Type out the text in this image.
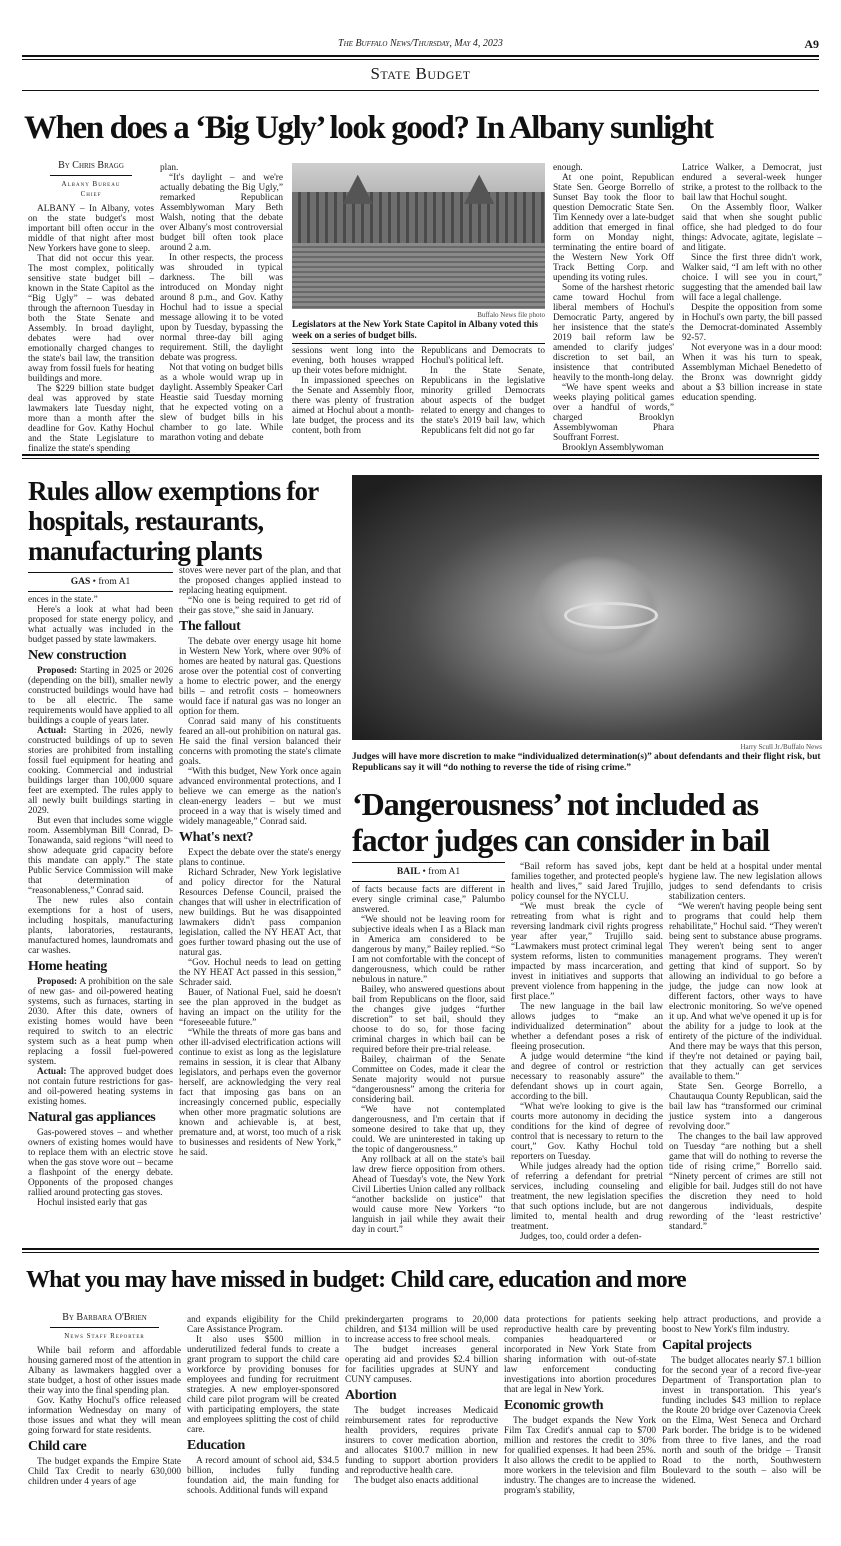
The Buffalo News/Thursday, May 4, 2023	A9
State Budget
When does a ‘Big Ugly’ look good? In Albany sunlight
By Chris Bragg
Albany Bureau Chief

ALBANY – In Albany, votes on the state budget's most important bill often occur in the middle of that night after most New Yorkers have gone to sleep.

That did not occur this year. The most complex, politically sensitive state budget bill – known in the State Capitol as the “Big Ugly” – was debated through the afternoon Tuesday in both the State Senate and Assembly. In broad daylight, debates were had over emotionally charged changes to the state's bail law, the transition away from fossil fuels for heating buildings and more.

The $229 billion state budget deal was approved by state lawmakers late Tuesday night, more than a month after the deadline for Gov. Kathy Hochul and the State Legislature to finalize the state's spending

plan.

“It's daylight – and we're actually debating the Big Ugly,” remarked Republican Assemblywoman Mary Beth Walsh, noting that the debate over Albany's most controversial budget bill often took place around 2 a.m.

In other respects, the process was shrouded in typical darkness. The bill was introduced on Monday night around 8 p.m., and Gov. Kathy Hochul had to issue a special message allowing it to be voted upon by Tuesday, bypassing the normal three-day bill aging requirement. Still, the daylight debate was progress.

Not that voting on budget bills as a whole would wrap up in daylight. Assembly Speaker Carl Heastie said Tuesday morning that he expected voting on a slew of budget bills in his chamber to go late. While marathon voting and debate

Buffalo News file photo
Legislators at the New York State Capitol in Albany voted this week on a series of budget bills.

sessions went long into the evening, both houses wrapped up their votes before midnight.

In impassioned speeches on the Senate and Assembly floor, there was plenty of frustration aimed at Hochul about a month-late budget, the process and its content, both from

Republicans and Democrats to Hochul's political left.

In the State Senate, Republicans in the legislative minority grilled Democrats about aspects of the budget related to energy and changes to the state's 2019 bail law, which Republicans felt did not go far

enough.

At one point, Republican State Sen. George Borrello of Sunset Bay took the floor to question Democratic State Sen. Tim Kennedy over a late-budget addition that emerged in final form on Monday night, terminating the entire board of the Western New York Off Track Betting Corp. and upending its voting rules.

Some of the harshest rhetoric came toward Hochul from liberal members of Hochul's Democratic Party, angered by her insistence that the state's 2019 bail reform law be amended to clarify judges' discretion to set bail, an insistence that contributed heavily to the month-long delay.

“We have spent weeks and weeks playing political games over a handful of words,” charged Brooklyn Assemblywoman Phara Souffrant Forrest.

Brooklyn Assemblywoman

Latrice Walker, a Democrat, just endured a several-week hunger strike, a protest to the rollback to the bail law that Hochul sought.

On the Assembly floor, Walker said that when she sought public office, she had pledged to do four things: Advocate, agitate, legislate – and litigate.

Since the first three didn't work, Walker said, “I am left with no other choice. I will see you in court,” suggesting that the amended bail law will face a legal challenge.

Despite the opposition from some in Hochul's own party, the bill passed the Democrat-dominated Assembly 92-57.

Not everyone was in a dour mood: When it was his turn to speak, Assemblyman Michael Benedetto of the Bronx was downright giddy about a $3 billion increase in state education spending.

Rules allow exemptions for hospitals, restaurants, manufacturing plants
GAS • from A1

ences in the state.”

Here's a look at what had been proposed for state energy policy, and what actually was included in the budget passed by state lawmakers.

New construction

Proposed: Starting in 2025 or 2026 (depending on the bill), smaller newly constructed buildings would have had to be all electric. The same requirements would have applied to all buildings a couple of years later.

Actual: Starting in 2026, newly constructed buildings of up to seven stories are prohibited from installing fossil fuel equipment for heating and cooking. Commercial and industrial buildings larger than 100,000 square feet are exempted. The rules apply to all newly built buildings starting in 2029.

But even that includes some wiggle room. Assemblyman Bill Conrad, D-Tonawanda, said regions “will need to show adequate grid capacity before this mandate can apply.” The state Public Service Commission will make that determination of “reasonableness,” Conrad said.

The new rules also contain exemptions for a host of users, including hospitals, manufacturing plants, laboratories, restaurants, manufactured homes, laundromats and car washes.

Home heating

Proposed: A prohibition on the sale of new gas- and oil-powered heating systems, such as furnaces, starting in 2030. After this date, owners of existing homes would have been required to switch to an electric system such as a heat pump when replacing a fossil fuel-powered system.

Actual: The approved budget does not contain future restrictions for gas- and oil-powered heating systems in existing homes.

Natural gas appliances

Gas-powered stoves – and whether owners of existing homes would have to replace them with an electric stove when the gas stove wore out – became a flashpoint of the energy debate. Opponents of the proposed changes rallied around protecting gas stoves.

Hochul insisted early that gas

stoves were never part of the plan, and that the proposed changes applied instead to replacing heating equipment.

“No one is being required to get rid of their gas stove,” she said in January.

The fallout

The debate over energy usage hit home in Western New York, where over 90% of homes are heated by natural gas. Questions arose over the potential cost of converting a home to electric power, and the energy bills – and retrofit costs – homeowners would face if natural gas was no longer an option for them.

Conrad said many of his constituents feared an all-out prohibition on natural gas. He said the final version balanced their concerns with promoting the state's climate goals.

“With this budget, New York once again advanced environmental protections, and I believe we can emerge as the nation's clean-energy leaders – but we must proceed in a way that is wisely timed and widely manageable,” Conrad said.

What's next?

Expect the debate over the state's energy plans to continue.

Richard Schrader, New York legislative and policy director for the Natural Resources Defense Council, praised the changes that will usher in electrification of new buildings. But he was disappointed lawmakers didn't pass companion legislation, called the NY HEAT Act, that goes further toward phasing out the use of natural gas.

“Gov. Hochul needs to lead on getting the NY HEAT Act passed in this session,” Schrader said.

Bauer, of National Fuel, said he doesn't see the plan approved in the budget as having an impact on the utility for the “foreseeable future.”

“While the threats of more gas bans and other ill-advised electrification actions will continue to exist as long as the legislature remains in session, it is clear that Albany legislators, and perhaps even the governor herself, are acknowledging the very real fact that imposing gas bans on an increasingly concerned public, especially when other more pragmatic solutions are known and achievable is, at best, premature and, at worst, too much of a risk to businesses and residents of New York,” he said.

Harry Scull Jr./Buffalo News
Judges will have more discretion to make “individualized determination(s)” about defendants and their flight risk, but Republicans say it will “do nothing to reverse the tide of rising crime.”
‘Dangerousness’ not included as factor judges can consider in bail
BAIL • from A1

of facts because facts are different in every single criminal case,” Palumbo answered.

“We should not be leaving room for subjective ideals when I as a Black man in America am considered to be dangerous by many,” Bailey replied. “So I am not comfortable with the concept of dangerousness, which could be rather nebulous in nature.”

Bailey, who answered questions about bail from Republicans on the floor, said the changes give judges “further discretion” to set bail, should they choose to do so, for those facing criminal charges in which bail can be required before their pre-trial release.

Bailey, chairman of the Senate Committee on Codes, made it clear the Senate majority would not pursue “dangerousness” among the criteria for considering bail.

“We have not contemplated dangerousness, and I'm certain that if someone desired to take that up, they could. We are uninterested in taking up the topic of dangerousness.”

Any rollback at all on the state's bail law drew fierce opposition from others. Ahead of Tuesday's vote, the New York Civil Liberties Union called any rollback “another backslide on justice” that would cause more New Yorkers “to languish in jail while they await their day in court.”

“Bail reform has saved jobs, kept families together, and protected people's health and lives,” said Jared Trujillo, policy counsel for the NYCLU.

“We must break the cycle of retreating from what is right and reversing landmark civil rights progress year after year,” Trujillo said. “Lawmakers must protect criminal legal system reforms, listen to communities impacted by mass incarceration, and invest in initiatives and supports that prevent violence from happening in the first place.”

The new language in the bail law allows judges to “make an individualized determination” about whether a defendant poses a risk of fleeing prosecution.

A judge would determine “the kind and degree of control or restriction necessary to reasonably assure” the defendant shows up in court again, according to the bill.

“What we're looking to give is the courts more autonomy in deciding the conditions for the kind of degree of control that is necessary to return to the court,” Gov. Kathy Hochul told reporters on Tuesday.

While judges already had the option of referring a defendant for pretrial services, including counseling and treatment, the new legislation specifies that such options include, but are not limited to, mental health and drug treatment.

Judges, too, could order a defen-

dant be held at a hospital under mental hygiene law. The new legislation allows judges to send defendants to crisis stabilization centers.

“We weren't having people being sent to programs that could help them rehabilitate,” Hochul said. “They weren't being sent to substance abuse programs. They weren't being sent to anger management programs. They weren't getting that kind of support. So by allowing an individual to go before a judge, the judge can now look at different factors, other ways to have electronic monitoring. So we've opened it up. And what we've opened it up is for the ability for a judge to look at the entirety of the picture of the individual. And there may be ways that this person, if they're not detained or paying bail, that they actually can get services available to them.”

State Sen. George Borrello, a Chautauqua County Republican, said the bail law has “transformed our criminal justice system into a dangerous revolving door.”

The changes to the bail law approved on Tuesday “are nothing but a shell game that will do nothing to reverse the tide of rising crime,” Borrello said. “Ninety percent of crimes are still not eligible for bail. Judges still do not have the discretion they need to hold dangerous individuals, despite rewording of the ‘least restrictive’ standard.”

What you may have missed in budget: Child care, education and more
By Barbara O'Brien
News Staff Reporter

While bail reform and affordable housing garnered most of the attention in Albany as lawmakers haggled over a state budget, a host of other issues made their way into the final spending plan.

Gov. Kathy Hochul's office released information Wednesday on many of those issues and what they will mean going forward for state residents.

Child care

The budget expands the Empire State Child Tax Credit to nearly 630,000 children under 4 years of age

and expands eligibility for the Child Care Assistance Program.

It also uses $500 million in underutilized federal funds to create a grant program to support the child care workforce by providing bonuses for employees and funding for recruitment strategies. A new employer-sponsored child care pilot program will be created with participating employers, the state and employees splitting the cost of child care.

Education

A record amount of school aid, $34.5 billion, includes fully funding foundation aid, the main funding for schools. Additional funds will expand

prekindergarten programs to 20,000 children, and $134 million will be used to increase access to free school meals.

The budget increases general operating aid and provides $2.4 billion for facilities upgrades at SUNY and CUNY campuses.

Abortion

The budget increases Medicaid reimbursement rates for reproductive health providers, requires private insurers to cover medication abortion, and allocates $100.7 million in new funding to support abortion providers and reproductive health care.

The budget also enacts additional

data protections for patients seeking reproductive health care by preventing companies headquartered or incorporated in New York State from sharing information with out-of-state law enforcement conducting investigations into abortion procedures that are legal in New York.

Economic growth

The budget expands the New York Film Tax Credit's annual cap to $700 million and restores the credit to 30% for qualified expenses. It had been 25%. It also allows the credit to be applied to more workers in the television and film industry. The changes are to increase the program's stability,

help attract productions, and provide a boost to New York's film industry.

Capital projects

The budget allocates nearly $7.1 billion for the second year of a record five-year Department of Transportation plan to invest in transportation. This year's funding includes $43 million to replace the Route 20 bridge over Cazenovia Creek on the Elma, West Seneca and Orchard Park border. The bridge is to be widened from three to five lanes, and the road north and south of the bridge – Transit Road to the north, Southwestern Boulevard to the south – also will be widened.
